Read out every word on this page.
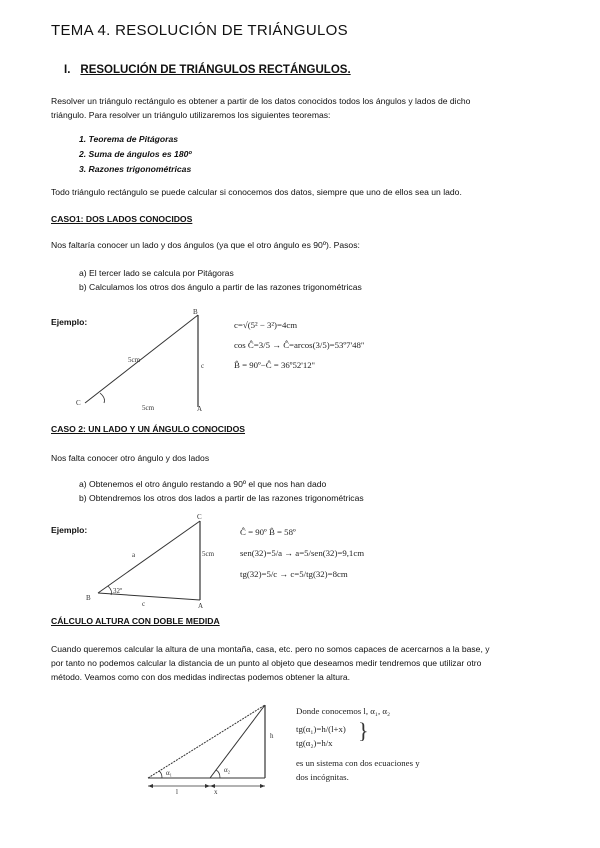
TEMA 4. RESOLUCIÓN DE TRIÁNGULOS
I. RESOLUCIÓN DE TRIÁNGULOS RECTÁNGULOS.
Resolver un triángulo rectángulo es obtener a partir de los datos conocidos todos los ángulos y lados de dicho
triángulo. Para resolver un triángulo utilizaremos los siguientes teoremas:
1. Teorema de Pitágoras
2. Suma de ángulos es 180º
3. Razones trigonométricas
Todo triángulo rectángulo se puede calcular si conocemos dos datos, siempre que uno de ellos sea un lado.
CASO1: DOS LADOS CONOCIDOS
Nos faltaría conocer un lado y dos ángulos (ya que el otro ángulo es 90º). Pasos:
a) El tercer lado se calcula por Pitágoras
b) Calculamos los otros dos ángulo a partir de las razones trigonométricas
Ejemplo:
B
C
A
c
5cm
5cm
c=√(5² − 3²)=4cm
cos Ĉ=3/5 → Ĉ=arcos(3/5)=53º7'48''
B̂ = 90º−Ĉ = 36º52'12''
CASO 2: UN LADO Y UN ÁNGULO CONOCIDOS
Nos falta conocer otro ángulo y dos lados
a) Obtenemos el otro ángulo restando a 90º el que nos han dado
b) Obtendremos los otros dos lados a partir de las razones trigonométricas
Ejemplo:
C
B
A
a
c
5cm
32º
Ĉ = 90º B̂ = 58º
sen(32)=5/a → a=5/sen(32)=9,1cm
tg(32)=5/c → c=5/tg(32)=8cm
CÁLCULO ALTURA CON DOBLE MEDIDA
Cuando queremos calcular la altura de una montaña, casa, etc. pero no somos capaces de acercarnos a la base, y
por tanto no podemos calcular la distancia de un punto al objeto que deseamos medir tendremos que utilizar otro
método. Veamos como con dos medidas indirectas podemos obtener la altura.
α₁	α₂
h
l	x
Donde conocemos l, α₁, α₂
tg(α₁)=h/(l+x)
tg(α₂)=h/x
es un sistema con dos ecuaciones y
dos incógnitas.
}
